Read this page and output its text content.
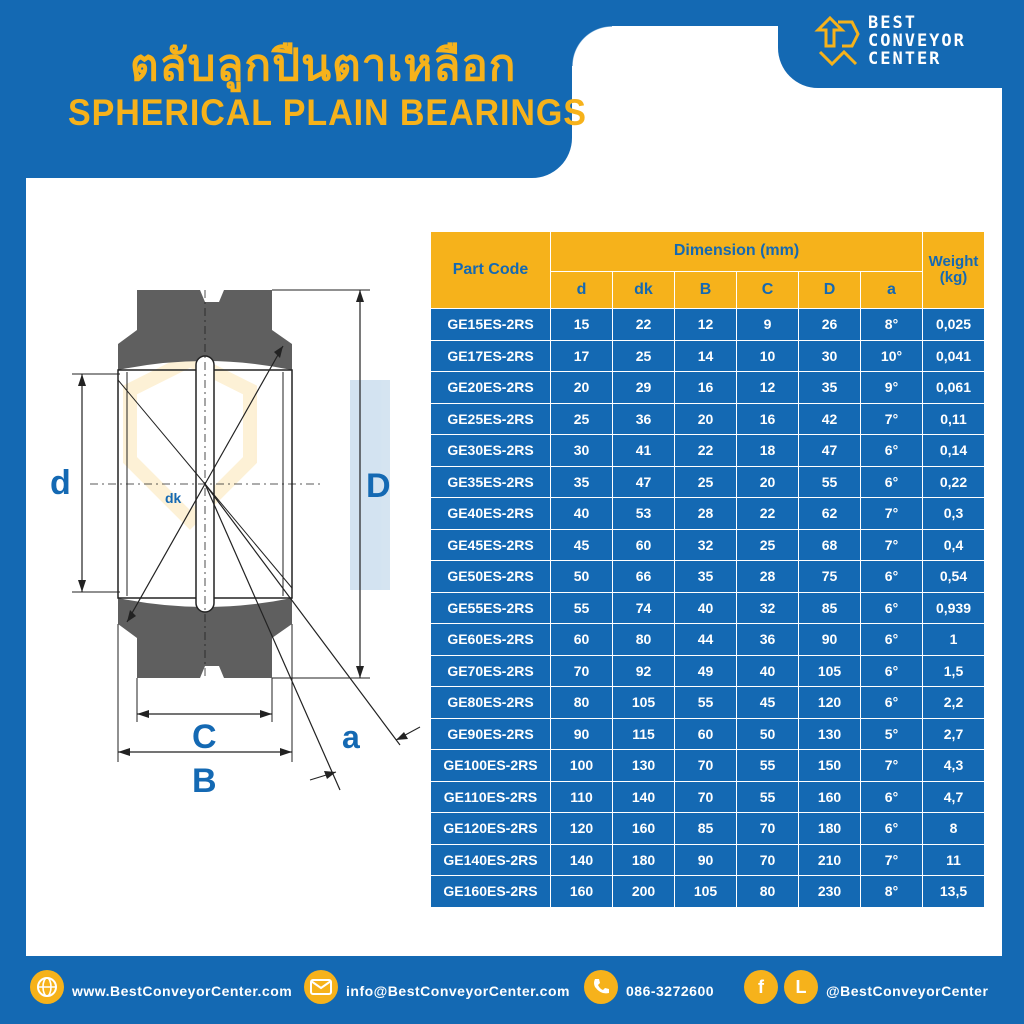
ตลับลูกปืนตาเหลือก
SPHERICAL PLAIN BEARINGS
BEST
CONVEYOR
CENTER
d	D
dk
C
B
a
Part Code	Dimension (mm)						Weight (kg)
	d	dk	B	C	D	a	
GE15ES-2RS	15	22	12	9	26	8°	0,025
GE17ES-2RS	17	25	14	10	30	10°	0,041
GE20ES-2RS	20	29	16	12	35	9°	0,061
GE25ES-2RS	25	36	20	16	42	7°	0,11
GE30ES-2RS	30	41	22	18	47	6°	0,14
GE35ES-2RS	35	47	25	20	55	6°	0,22
GE40ES-2RS	40	53	28	22	62	7°	0,3
GE45ES-2RS	45	60	32	25	68	7°	0,4
GE50ES-2RS	50	66	35	28	75	6°	0,54
GE55ES-2RS	55	74	40	32	85	6°	0,939
GE60ES-2RS	60	80	44	36	90	6°	1
GE70ES-2RS	70	92	49	40	105	6°	1,5
GE80ES-2RS	80	105	55	45	120	6°	2,2
GE90ES-2RS	90	115	60	50	130	5°	2,7
GE100ES-2RS	100	130	70	55	150	7°	4,3
GE110ES-2RS	110	140	70	55	160	6°	4,7
GE120ES-2RS	120	160	85	70	180	6°	8
GE140ES-2RS	140	180	90	70	210	7°	11
GE160ES-2RS	160	200	105	80	230	8°	13,5
www.BestConveyorCenter.com	info@BestConveyorCenter.com	086-3272600 f L @BestConveyorCenter
